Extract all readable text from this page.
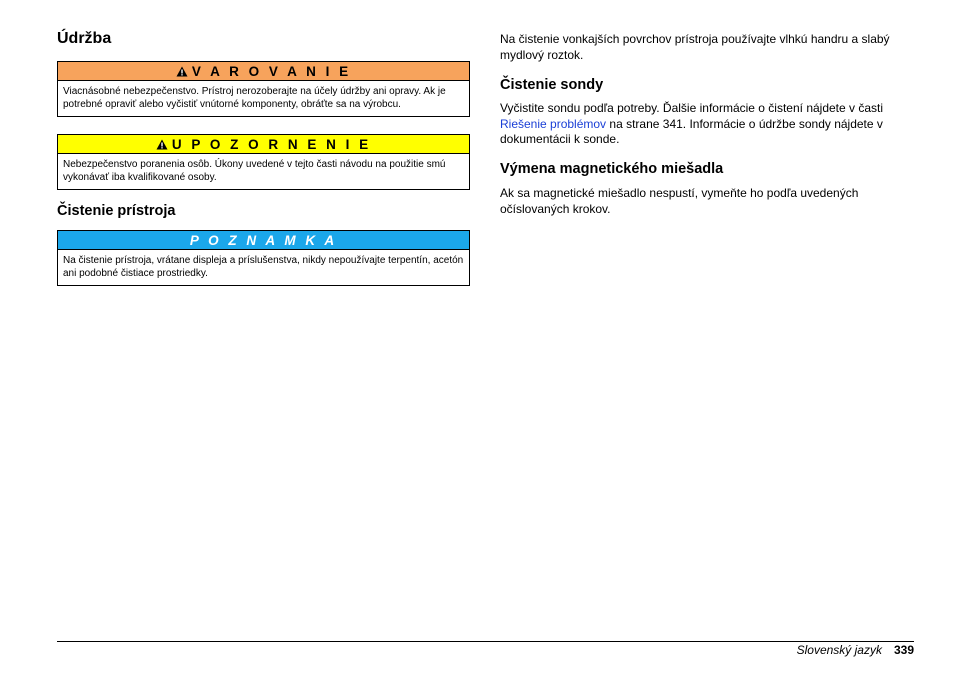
Údržba
V A R O V A N I E
Viacnásobné nebezpečenstvo. Prístroj nerozoberajte na účely údržby ani opravy. Ak je potrebné opraviť alebo vyčistiť vnútorné komponenty, obráťte sa na výrobcu.
U P O Z O R N E N I E
Nebezpečenstvo poranenia osôb. Úkony uvedené v tejto časti návodu na použitie smú vykonávať iba kvalifikované osoby.
Čistenie prístroja
P O Z N A M K A
Na čistenie prístroja, vrátane displeja a príslušenstva, nikdy nepoužívajte terpentín, acetón ani podobné čistiace prostriedky.

Na čistenie vonkajších povrchov prístroja používajte vlhkú handru a slabý mydlový roztok.

Čistenie sondy

Vyčistite sondu podľa potreby. Ďalšie informácie o čistení nájdete v časti Riešenie problémov na strane 341. Informácie o údržbe sondy nájdete v dokumentácii k sonde.

Výmena magnetického miešadla

Ak sa magnetické miešadlo nespustí, vymeňte ho podľa uvedených očíslovaných krokov.

Slovenský jazyk 339
